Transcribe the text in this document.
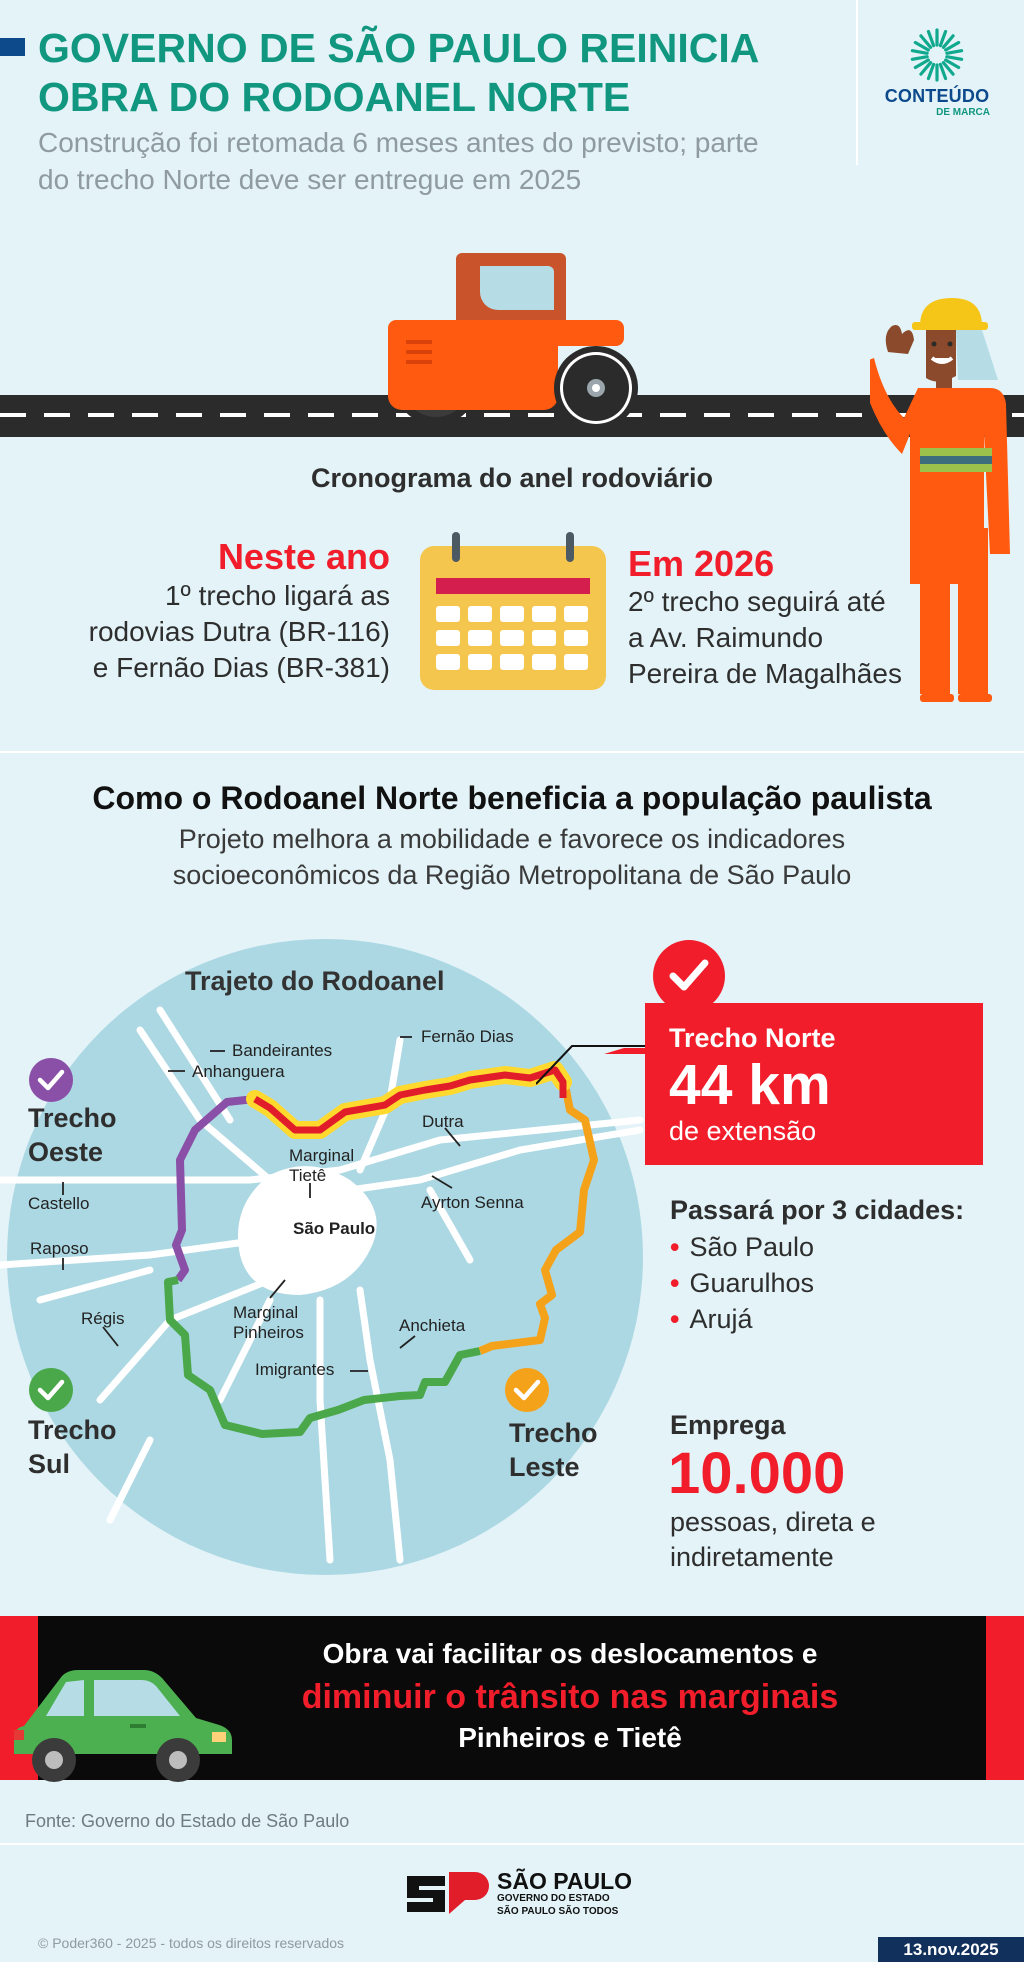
GOVERNO DE SÃO PAULO REINICIA
OBRA DO RODOANEL NORTE
Construção foi retomada 6 meses antes do previsto; parte
do trecho Norte deve ser entregue em 2025
CONTEÚDO
DE MARCA
Cronograma do anel rodoviário
Neste ano
1º trecho ligará as
rodovias Dutra (BR-116)
e Fernão Dias (BR-381)
Em 2026
2º trecho seguirá até
a Av. Raimundo
Pereira de Magalhães
Como o Rodoanel Norte beneficia a população paulista
Projeto melhora a mobilidade e favorece os indicadores
socioeconômicos da Região Metropolitana de São Paulo
Trajeto do Rodoanel
Bandeirantes
Anhanguera
Fernão Dias
Dutra
Marginal
Tietê
Ayrton Senna
São Paulo
Castello
Raposo
Régis	Marginal
Pinheiros	Anchieta
Imigrantes
Trecho
Oeste
Trecho
Sul
Trecho
Leste
Trecho Norte
44 km
de extensão
Passará por 3 cidades:
• São Paulo
• Guarulhos
• Arujá
Emprega
10.000
pessoas, direta e
indiretamente
Obra vai facilitar os deslocamentos e
diminuir o trânsito nas marginais
Pinheiros e Tietê
Fonte: Governo do Estado de São Paulo
SÃO PAULO
GOVERNO DO ESTADO
SÃO PAULO SÃO TODOS
© Poder360 - 2025 - todos os direitos reservados	13.nov.2025
